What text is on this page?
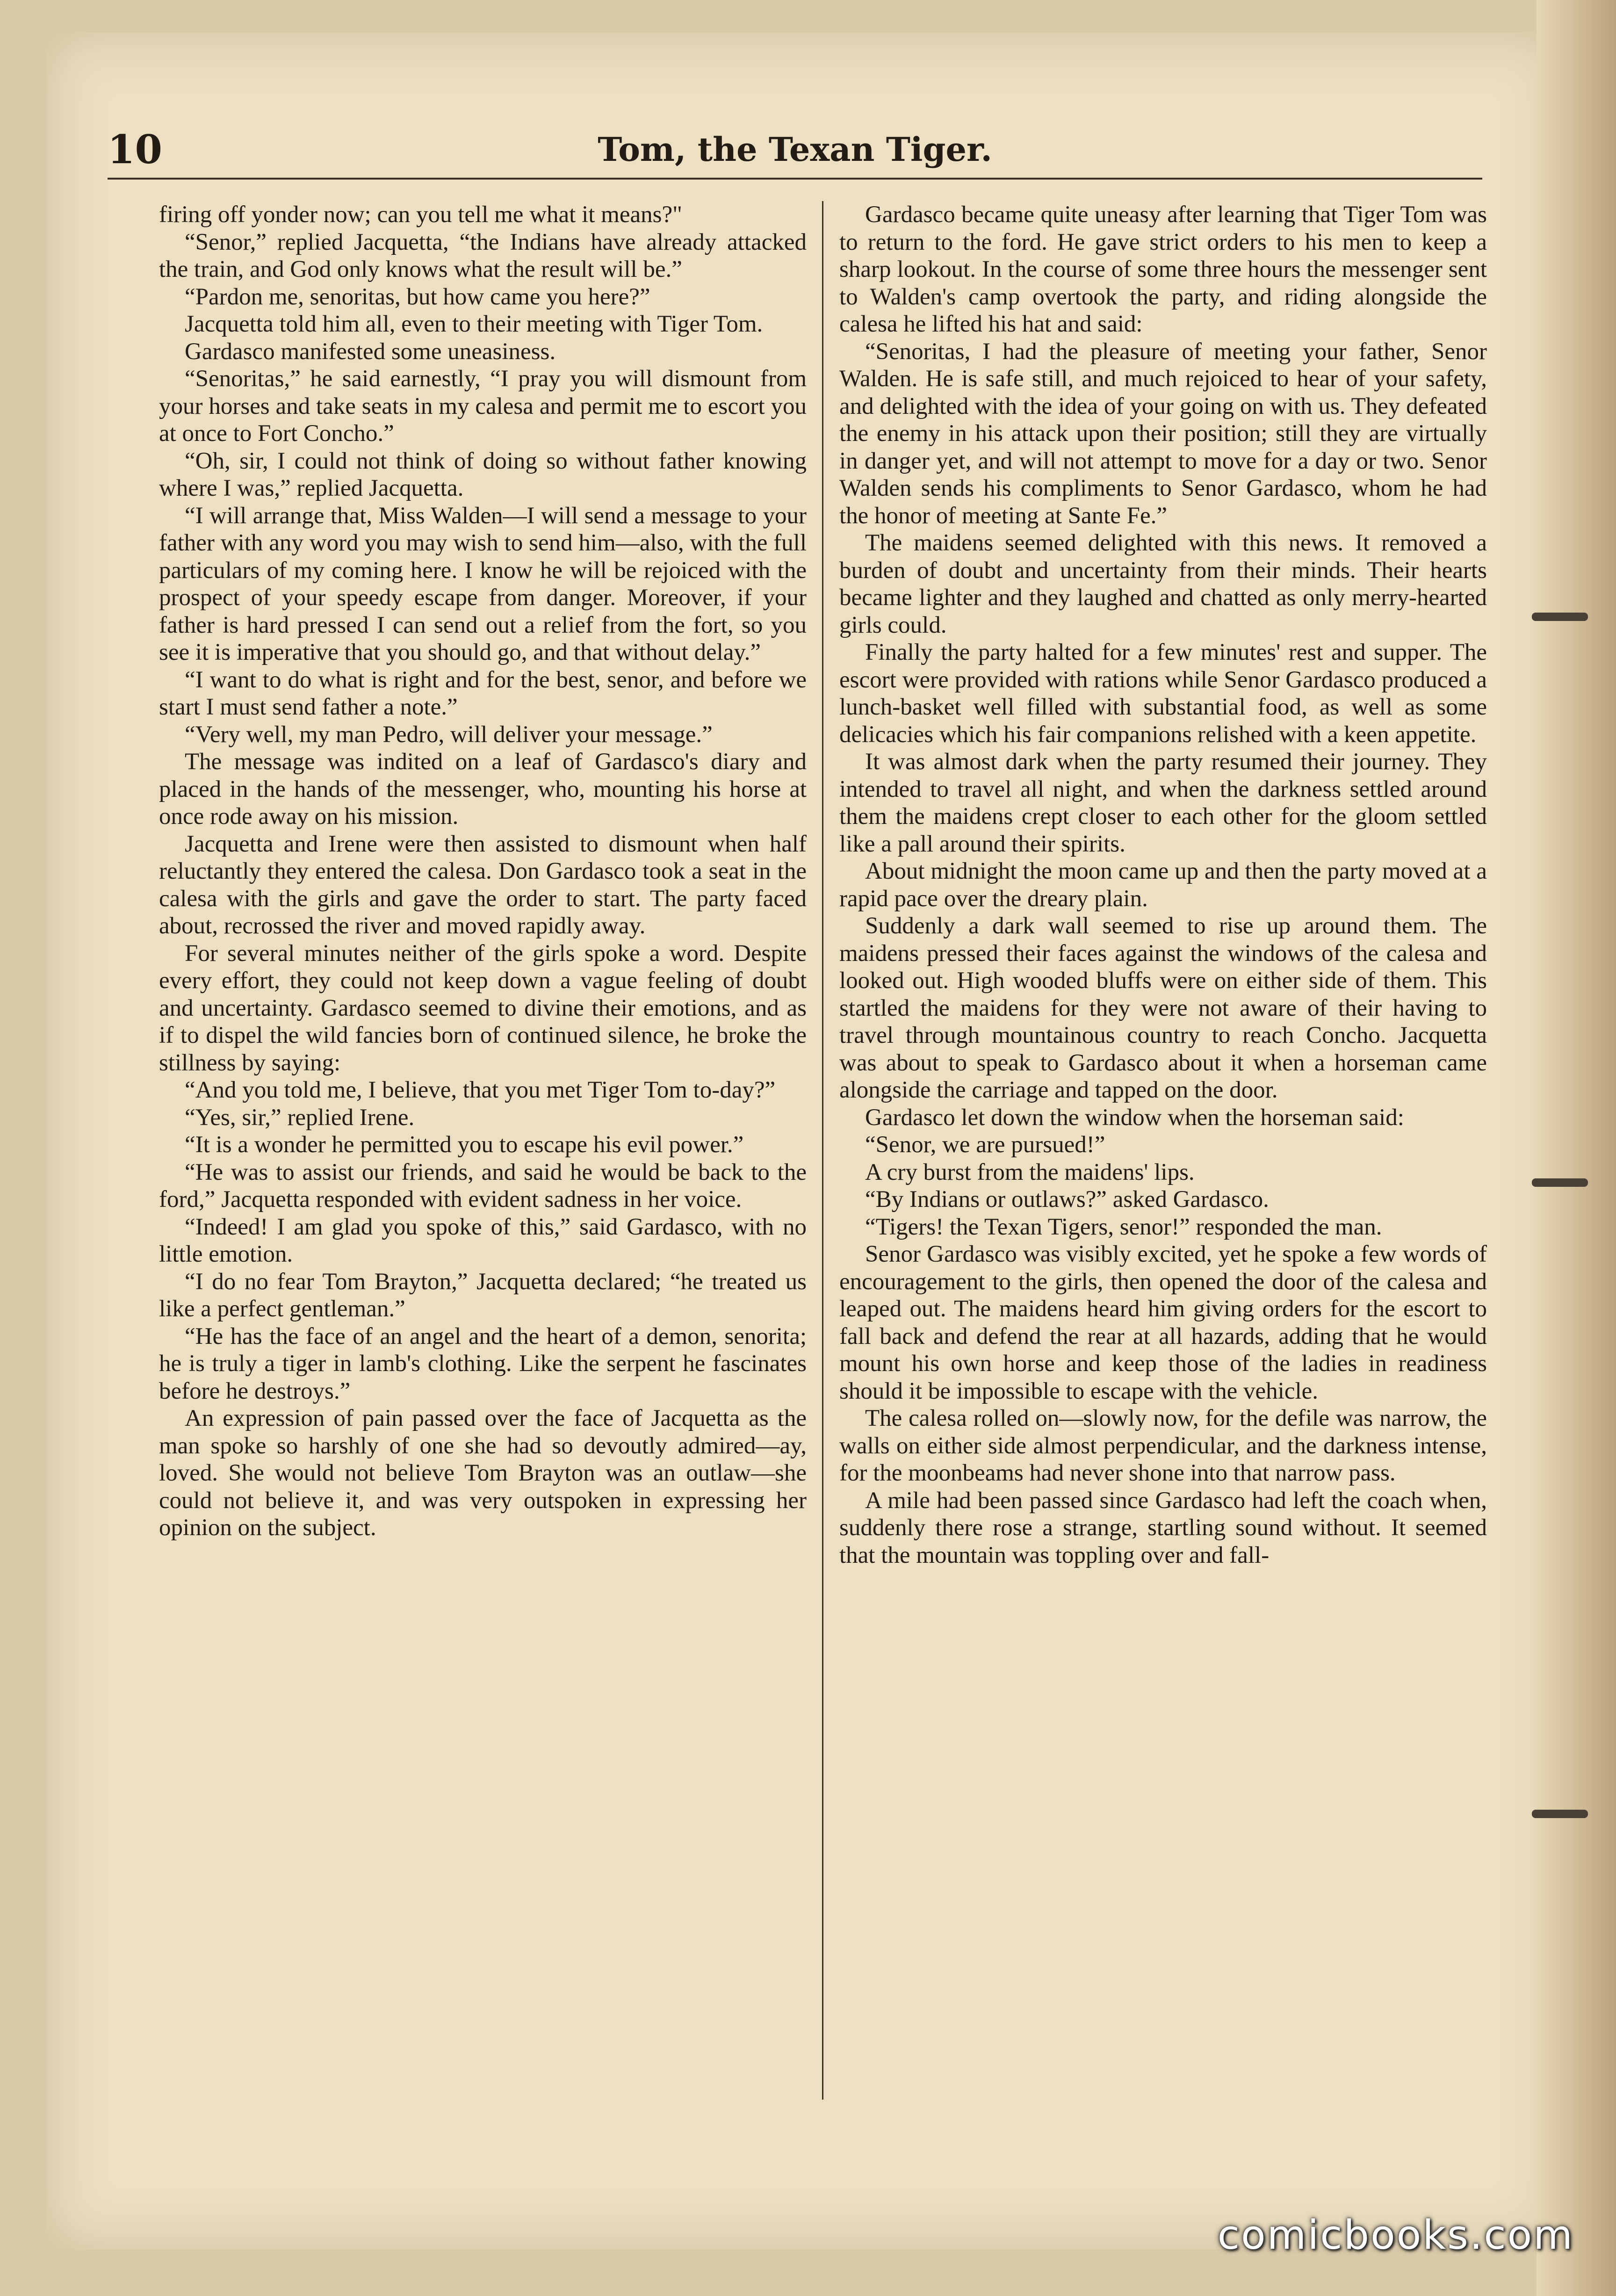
10	Tom, the Texan Tiger.

firing off yonder now; can you tell me what it means?"

“Senor,” replied Jacquetta, “the Indians have already attacked the train, and God only knows what the result will be.”

“Pardon me, senoritas, but how came you here?”

Jacquetta told him all, even to their meeting with Tiger Tom.

Gardasco manifested some uneasiness.

“Senoritas,” he said earnestly, “I pray you will dismount from your horses and take seats in my calesa and permit me to escort you at once to Fort Concho.”

“Oh, sir, I could not think of doing so without father knowing where I was,” replied Jacquetta.

“I will arrange that, Miss Walden—I will send a message to your father with any word you may wish to send him—also, with the full particulars of my coming here. I know he will be rejoiced with the prospect of your speedy escape from danger. Moreover, if your father is hard pressed I can send out a relief from the fort, so you see it is imperative that you should go, and that without delay.”

“I want to do what is right and for the best, senor, and before we start I must send father a note.”

“Very well, my man Pedro, will deliver your message.”

The message was indited on a leaf of Gardasco's diary and placed in the hands of the messenger, who, mounting his horse at once rode away on his mission.

Jacquetta and Irene were then assisted to dismount when half reluctantly they entered the calesa. Don Gardasco took a seat in the calesa with the girls and gave the order to start. The party faced about, recrossed the river and moved rapidly away.

For several minutes neither of the girls spoke a word. Despite every effort, they could not keep down a vague feeling of doubt and uncertainty. Gardasco seemed to divine their emotions, and as if to dispel the wild fancies born of continued silence, he broke the stillness by saying:

“And you told me, I believe, that you met Tiger Tom to-day?”

“Yes, sir,” replied Irene.

“It is a wonder he permitted you to escape his evil power.”

“He was to assist our friends, and said he would be back to the ford,” Jacquetta responded with evident sadness in her voice.

“Indeed! I am glad you spoke of this,” said Gardasco, with no little emotion.

“I do no fear Tom Brayton,” Jacquetta declared; “he treated us like a perfect gentleman.”

“He has the face of an angel and the heart of a demon, senorita; he is truly a tiger in lamb's clothing. Like the serpent he fascinates before he destroys.”

An expression of pain passed over the face of Jacquetta as the man spoke so harshly of one she had so devoutly admired—ay, loved. She would not believe Tom Brayton was an outlaw—she could not believe it, and was very outspoken in expressing her opinion on the subject.

Gardasco became quite uneasy after learning that Tiger Tom was to return to the ford. He gave strict orders to his men to keep a sharp lookout. In the course of some three hours the messenger sent to Walden's camp overtook the party, and riding alongside the calesa he lifted his hat and said:

“Senoritas, I had the pleasure of meeting your father, Senor Walden. He is safe still, and much rejoiced to hear of your safety, and delighted with the idea of your going on with us. They defeated the enemy in his attack upon their position; still they are virtually in danger yet, and will not attempt to move for a day or two. Senor Walden sends his compliments to Senor Gardasco, whom he had the honor of meeting at Sante Fe.”

The maidens seemed delighted with this news. It removed a burden of doubt and uncertainty from their minds. Their hearts became lighter and they laughed and chatted as only merry-hearted girls could.

Finally the party halted for a few minutes' rest and supper. The escort were provided with rations while Senor Gardasco produced a lunch-basket well filled with substantial food, as well as some delicacies which his fair companions relished with a keen appetite.

It was almost dark when the party resumed their journey. They intended to travel all night, and when the darkness settled around them the maidens crept closer to each other for the gloom settled like a pall around their spirits.

About midnight the moon came up and then the party moved at a rapid pace over the dreary plain.

Suddenly a dark wall seemed to rise up around them. The maidens pressed their faces against the windows of the calesa and looked out. High wooded bluffs were on either side of them. This startled the maidens for they were not aware of their having to travel through mountainous country to reach Concho. Jacquetta was about to speak to Gardasco about it when a horseman came alongside the carriage and tapped on the door.

Gardasco let down the window when the horseman said:

“Senor, we are pursued!”

A cry burst from the maidens' lips.

“By Indians or outlaws?” asked Gardasco.

“Tigers! the Texan Tigers, senor!” responded the man.

Senor Gardasco was visibly excited, yet he spoke a few words of encouragement to the girls, then opened the door of the calesa and leaped out. The maidens heard him giving orders for the escort to fall back and defend the rear at all hazards, adding that he would mount his own horse and keep those of the ladies in readiness should it be impossible to escape with the vehicle.

The calesa rolled on—slowly now, for the defile was narrow, the walls on either side almost perpendicular, and the darkness intense, for the moonbeams had never shone into that narrow pass.

A mile had been passed since Gardasco had left the coach when, suddenly there rose a strange, startling sound without. It seemed that the mountain was toppling over and fall-

comicbooks.com
